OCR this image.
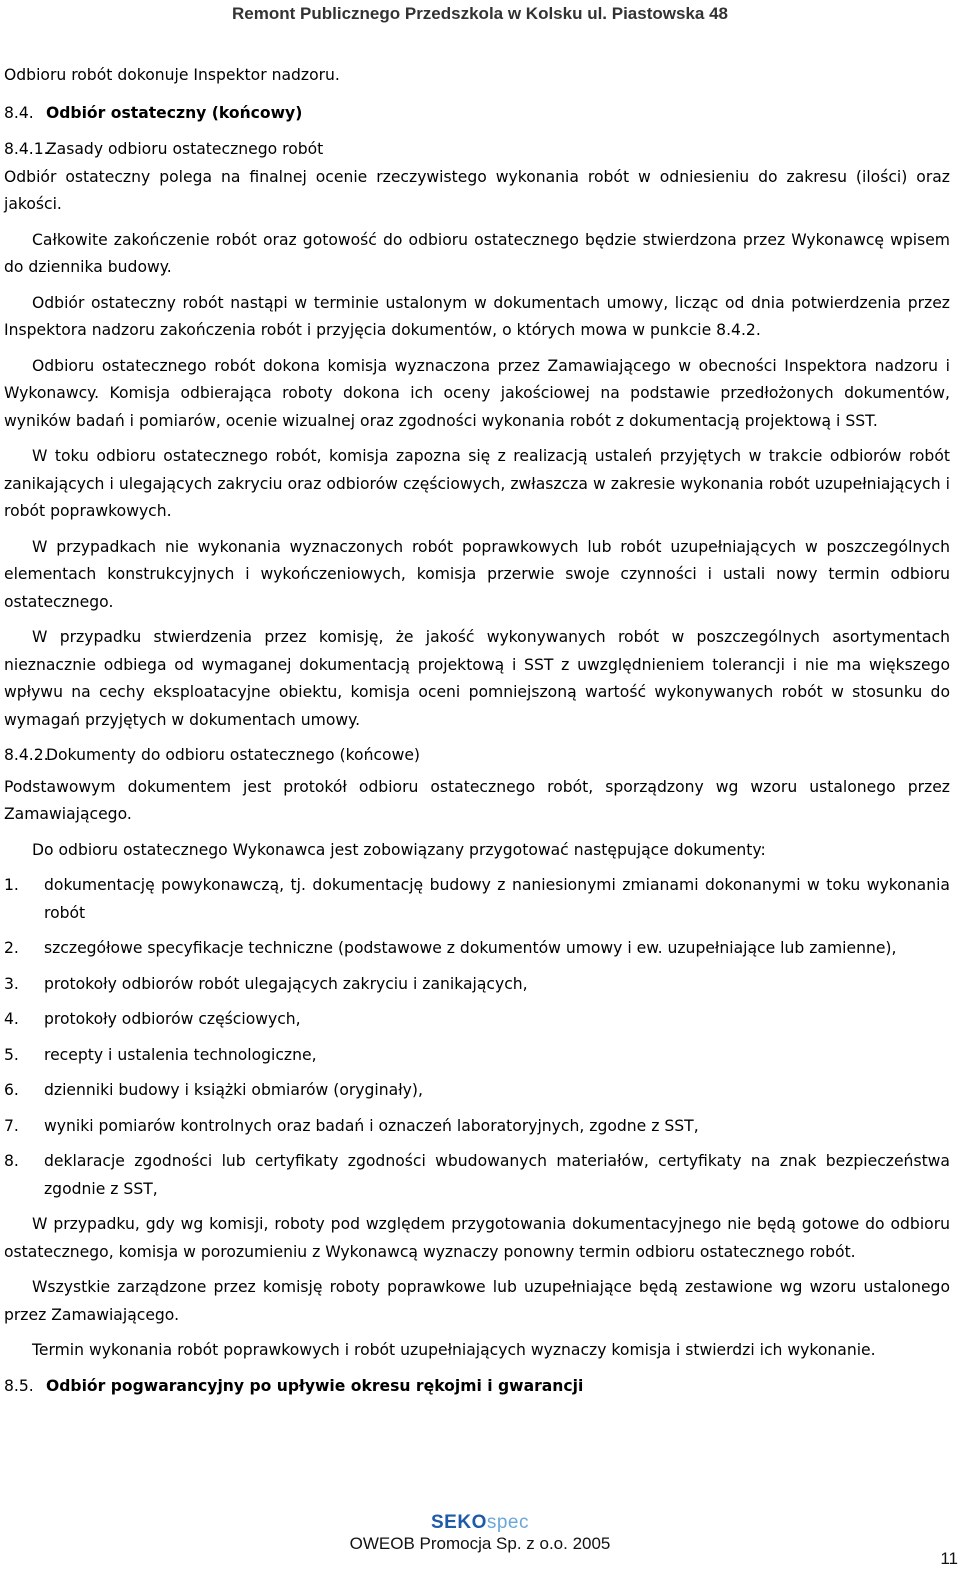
Remont Publicznego Przedszkola w Kolsku ul. Piastowska 48

Odbioru robót dokonuje Inspektor nadzoru.

8.4. Odbiór ostateczny (końcowy)
8.4.1.
Zasady odbioru ostatecznego robót

Odbiór ostateczny polega na finalnej ocenie rzeczywistego wykonania robót w odniesieniu do zakresu (ilości) oraz jakości.

Całkowite zakończenie robót oraz gotowość do odbioru ostatecznego będzie stwierdzona przez Wykonawcę wpisem do dziennika budowy.

Odbiór ostateczny robót nastąpi w terminie ustalonym w dokumentach umowy, licząc od dnia potwierdzenia przez Inspektora nadzoru zakończenia robót i przyjęcia dokumentów, o których mowa w punkcie 8.4.2.

Odbioru ostatecznego robót dokona komisja wyznaczona przez Zamawiającego w obecności Inspektora nadzoru i Wykonawcy. Komisja odbierająca roboty dokona ich oceny jakościowej na podstawie przedłożonych dokumentów, wyników badań i pomiarów, ocenie wizualnej oraz zgodności wykonania robót z dokumentacją projektową i SST.

W toku odbioru ostatecznego robót, komisja zapozna się z realizacją ustaleń przyjętych w trakcie odbiorów robót zanikających i ulegających zakryciu oraz odbiorów częściowych, zwłaszcza w zakresie wykonania robót uzupełniających i robót poprawkowych.

W przypadkach nie wykonania wyznaczonych robót poprawkowych lub robót uzupełniających w poszczególnych elementach konstrukcyjnych i wykończeniowych, komisja przerwie swoje czynności i ustali nowy termin odbioru ostatecznego.

W przypadku stwierdzenia przez komisję, że jakość wykonywanych robót w poszczególnych asortymentach nieznacznie odbiega od wymaganej dokumentacją projektową i SST z uwzględnieniem tolerancji i nie ma większego wpływu na cechy eksploatacyjne obiektu, komisja oceni pomniejszoną wartość wykonywanych robót w stosunku do wymagań przyjętych w dokumentach umowy.

8.4.2.
Dokumenty do odbioru ostatecznego (końcowe)

Podstawowym dokumentem jest protokół odbioru ostatecznego robót, sporządzony wg wzoru ustalonego przez Zamawiającego.

Do odbioru ostatecznego Wykonawca jest zobowiązany przygotować następujące dokumenty:

1.	dokumentację powykonawczą, tj. dokumentację budowy z naniesionymi zmianami dokonanymi w toku wykonania robót
2.	szczegółowe specyfikacje techniczne (podstawowe z dokumentów umowy i ew. uzupełniające lub zamienne),
3.	protokoły odbiorów robót ulegających zakryciu i zanikających,
4.	protokoły odbiorów częściowych,
5.	recepty i ustalenia technologiczne,
6.	dzienniki budowy i książki obmiarów (oryginały),
7.	wyniki pomiarów kontrolnych oraz badań i oznaczeń laboratoryjnych, zgodne z SST,
8.	deklaracje zgodności lub certyfikaty zgodności wbudowanych materiałów, certyfikaty na znak bezpieczeństwa zgodnie z SST,

W przypadku, gdy wg komisji, roboty pod względem przygotowania dokumentacyjnego nie będą gotowe do odbioru ostatecznego, komisja w porozumieniu z Wykonawcą wyznaczy ponowny termin odbioru ostatecznego robót.

Wszystkie zarządzone przez komisję roboty poprawkowe lub uzupełniające będą zestawione wg wzoru ustalonego przez Zamawiającego.

Termin wykonania robót poprawkowych i robót uzupełniających wyznaczy komisja i stwierdzi ich wykonanie.

8.5. Odbiór pogwarancyjny po upływie okresu rękojmi i gwarancji
SEKOspec
OWEOB Promocja Sp. z o.o. 2005
11
